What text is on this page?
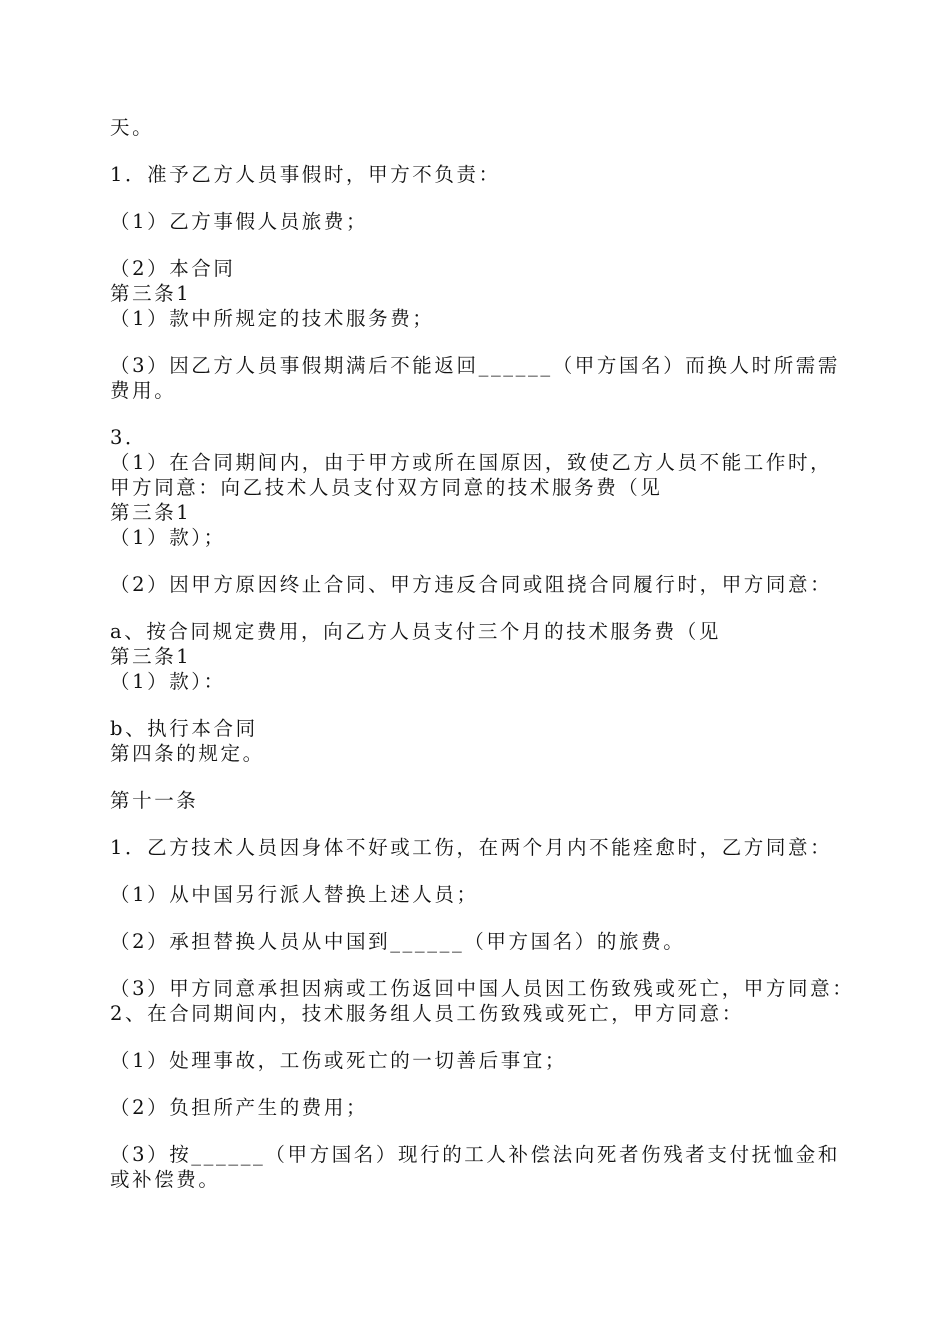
天。
1．准予乙方人员事假时，甲方不负责：
（1）乙方事假人员旅费；
（2）本合同
第三条1
（1）款中所规定的技术服务费；
（3）因乙方人员事假期满后不能返回______（甲方国名）而换人时所需需
费用。
3．
（1）在合同期间内，由于甲方或所在国原因，致使乙方人员不能工作时，
甲方同意：向乙技术人员支付双方同意的技术服务费（见
第三条1
（1）款）；
（2）因甲方原因终止合同、甲方违反合同或阻挠合同履行时，甲方同意：
a、按合同规定费用，向乙方人员支付三个月的技术服务费（见
第三条1
（1）款）：
b、执行本合同
第四条的规定。
第十一条
1．乙方技术人员因身体不好或工伤，在两个月内不能痊愈时，乙方同意：
（1）从中国另行派人替换上述人员；
（2）承担替换人员从中国到______（甲方国名）的旅费。
（3）甲方同意承担因病或工伤返回中国人员因工伤致残或死亡，甲方同意：
2、在合同期间内，技术服务组人员工伤致残或死亡，甲方同意：
（1）处理事故，工伤或死亡的一切善后事宜；
（2）负担所产生的费用；
（3）按______（甲方国名）现行的工人补偿法向死者伤残者支付抚恤金和
或补偿费。
